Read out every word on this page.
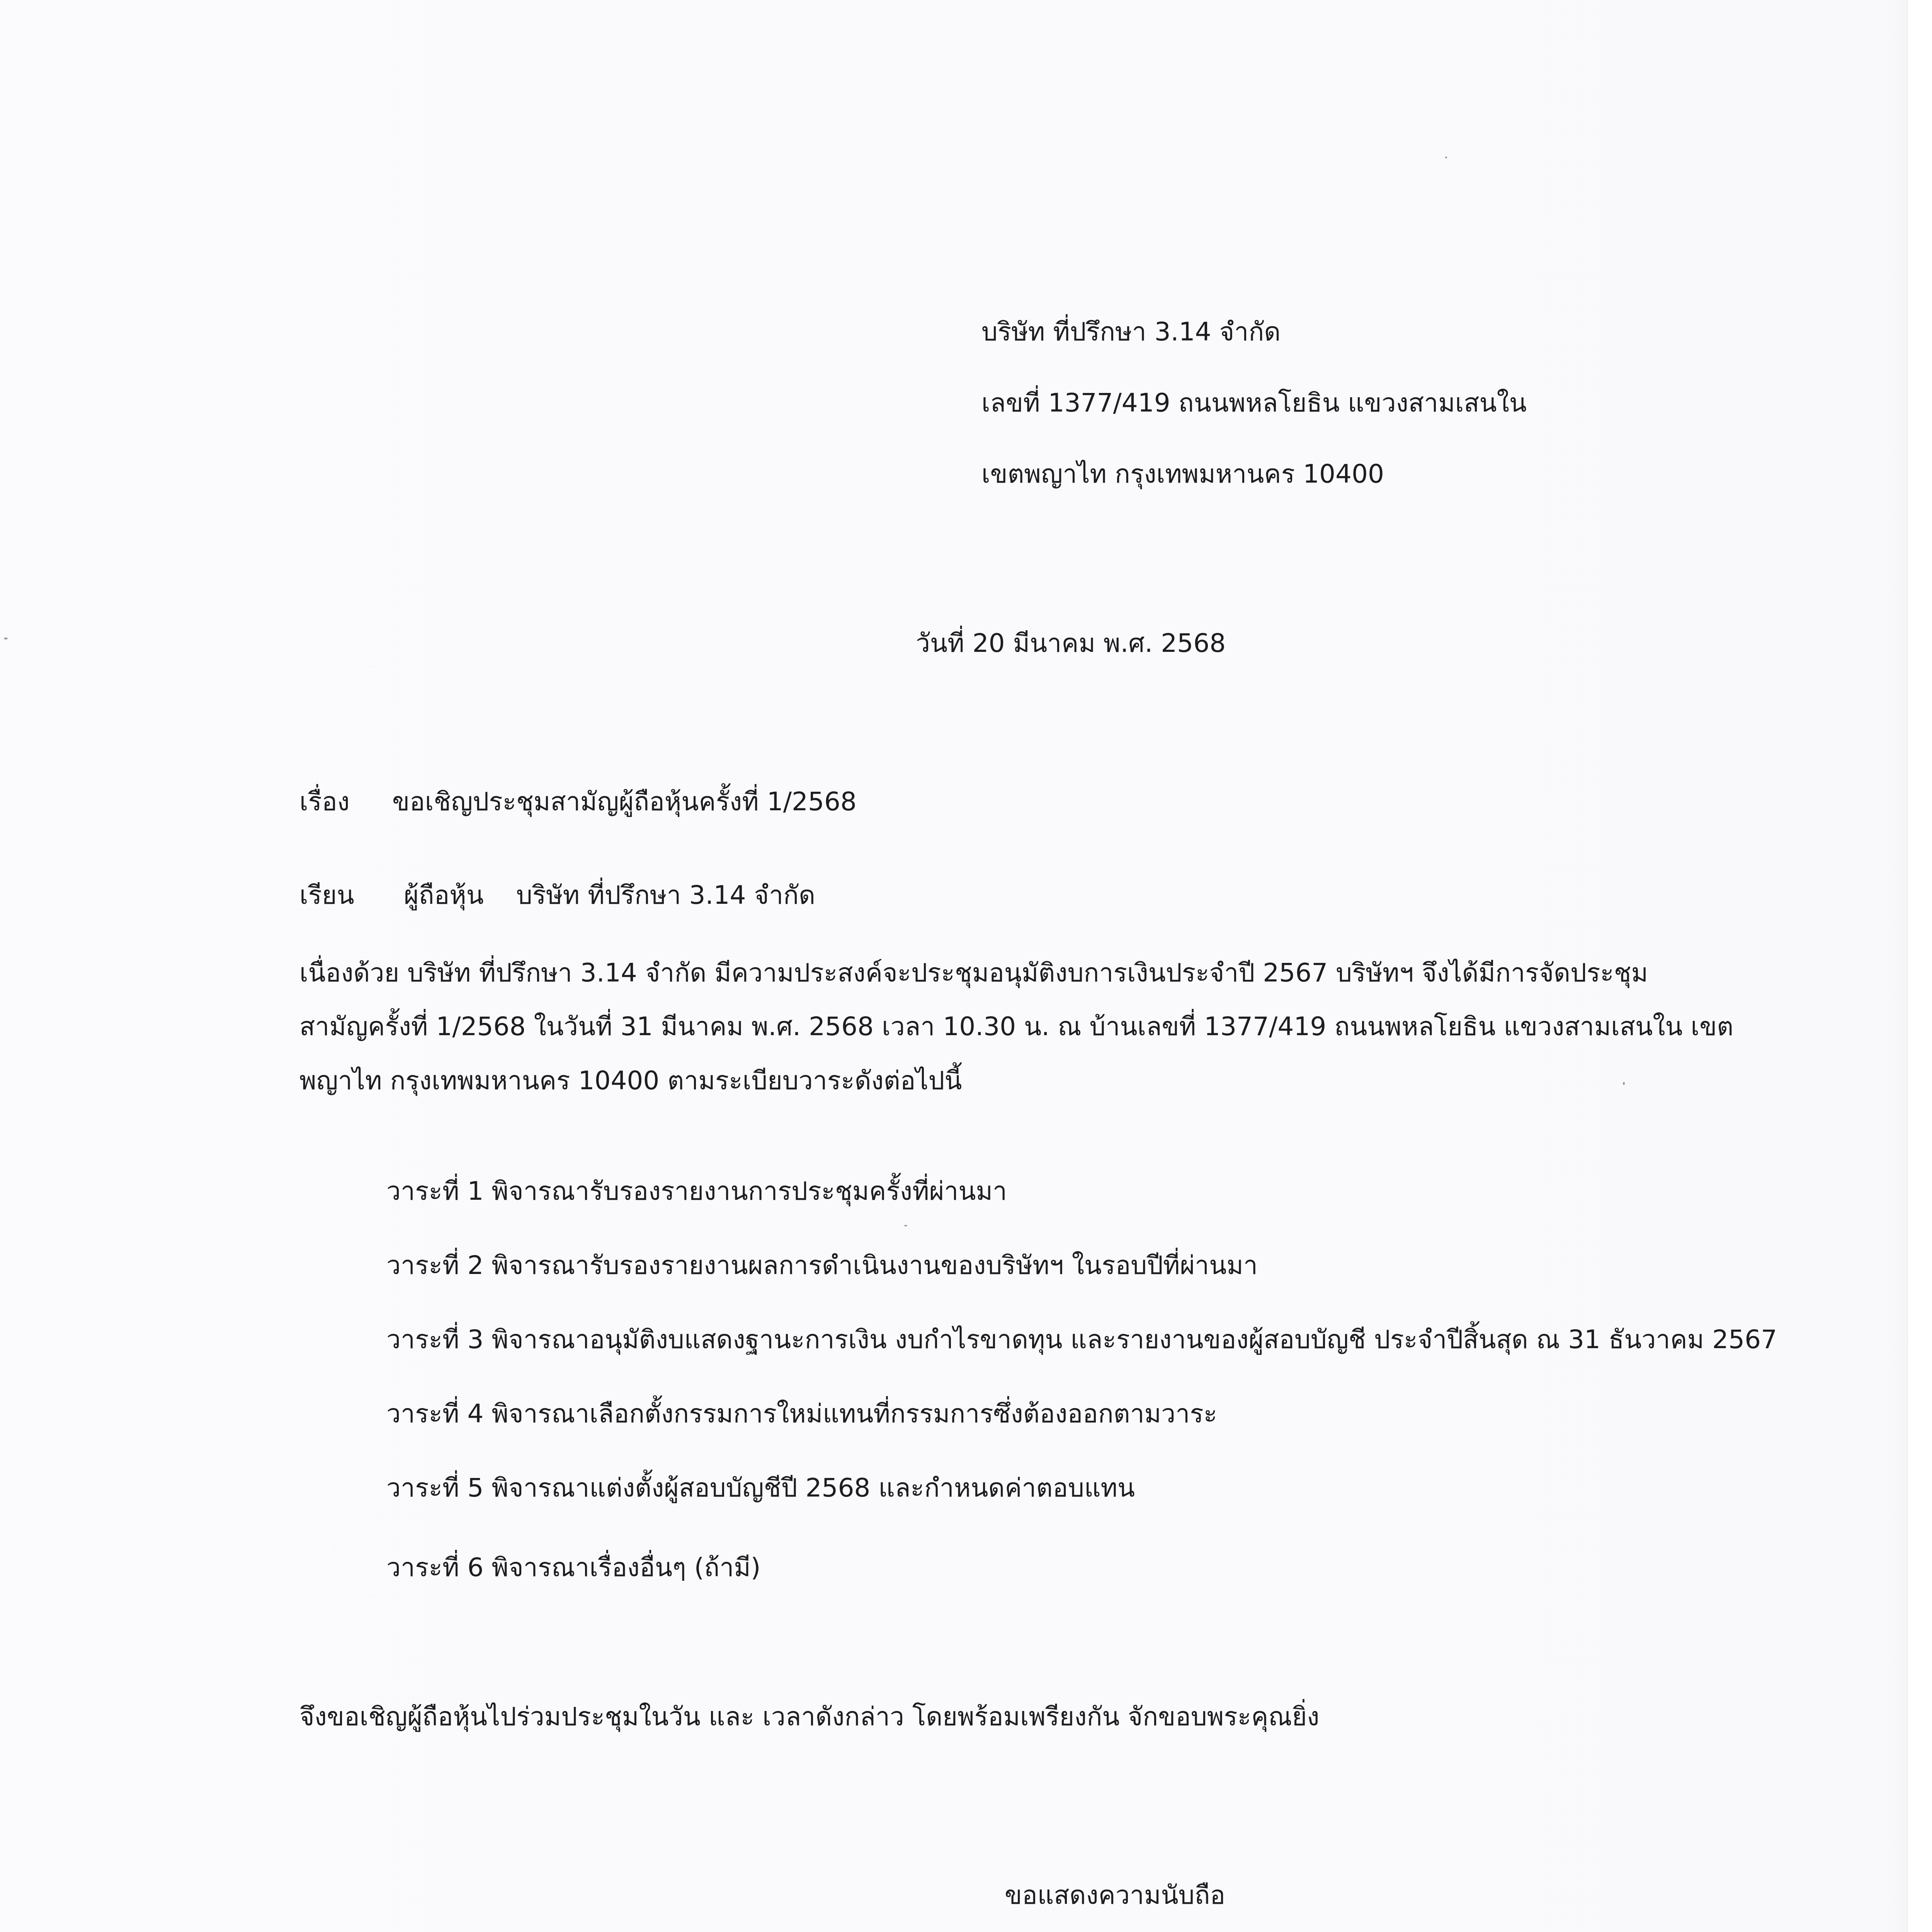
บริษัท ที่ปรึกษา 3.14 จำกัด
เลขที่ 1377/419 ถนนพหลโยธิน แขวงสามเสนใน
เขตพญาไท กรุงเทพมหานคร 10400
วันที่ 20 มีนาคม พ.ศ. 2568
เรื่อง ขอเชิญประชุมสามัญผู้ถือหุ้นครั้งที่ 1/2568
เรียน ผู้ถือหุ้น    บริษัท ที่ปรึกษา 3.14 จำกัด
เนื่องด้วย บริษัท ที่ปรึกษา 3.14 จำกัด มีความประสงค์จะประชุมอนุมัติงบการเงินประจำปี 2567 บริษัทฯ จึงได้มีการจัดประชุม
สามัญครั้งที่ 1/2568 ในวันที่ 31 มีนาคม พ.ศ. 2568 เวลา 10.30 น. ณ บ้านเลขที่ 1377/419 ถนนพหลโยธิน แขวงสามเสนใน เขต
พญาไท กรุงเทพมหานคร 10400 ตามระเบียบวาระดังต่อไปนี้
วาระที่ 1 พิจารณารับรองรายงานการประชุมครั้งที่ผ่านมา
วาระที่ 2 พิจารณารับรองรายงานผลการดำเนินงานของบริษัทฯ ในรอบปีที่ผ่านมา
วาระที่ 3 พิจารณาอนุมัติงบแสดงฐานะการเงิน งบกำไรขาดทุน และรายงานของผู้สอบบัญชี ประจำปีสิ้นสุด ณ 31 ธันวาคม 2567
วาระที่ 4 พิจารณาเลือกตั้งกรรมการใหม่แทนที่กรรมการซึ่งต้องออกตามวาระ
วาระที่ 5 พิจารณาแต่งตั้งผู้สอบบัญชีปี 2568 และกำหนดค่าตอบแทน
วาระที่ 6 พิจารณาเรื่องอื่นๆ (ถ้ามี)
จึงขอเชิญผู้ถือหุ้นไปร่วมประชุมในวัน และ เวลาดังกล่าว โดยพร้อมเพรียงกัน จักขอบพระคุณยิ่ง
ขอแสดงความนับถือ
